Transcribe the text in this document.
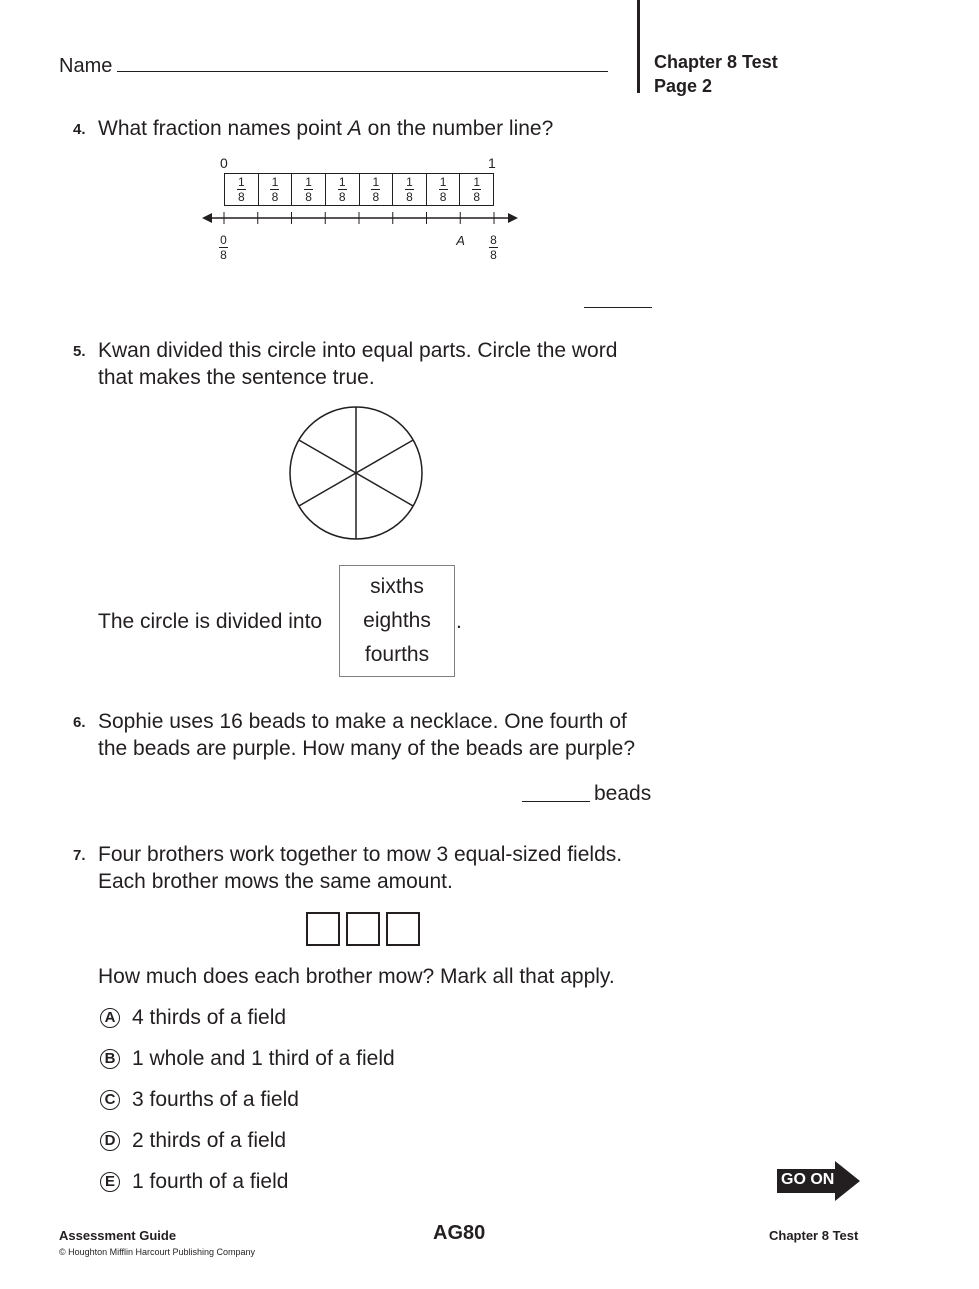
Name	Chapter 8 Test
Page 2
4. What fraction names point A on the number line?
0	1
$\frac{1}{8} \frac{1}{8} \frac{1}{8} \frac{1}{8} \frac{1}{8} \frac{1}{8} \frac{1}{8} \frac{1}{8}$
0
8
A 8
8
5. Kwan divided this circle into equal parts. Circle the word
that makes the sentence true.
The circle is divided into
sixths
eighths
fourths
.
6. Sophie uses 16 beads to make a necklace. One fourth of
the beads are purple. How many of the beads are purple?
beads
7. Four brothers work together to mow 3 equal-sized fields.
Each brother mows the same amount.
How much does each brother mow? Mark all that apply.
A 4 thirds of a field
B 1 whole and 1 third of a field
C 3 fourths of a field
D 2 thirds of a field
E 1 fourth of a field	GO ON
Assessment Guide
© Houghton Mifflin Harcourt Publishing Company
AG80	Chapter 8 Test
